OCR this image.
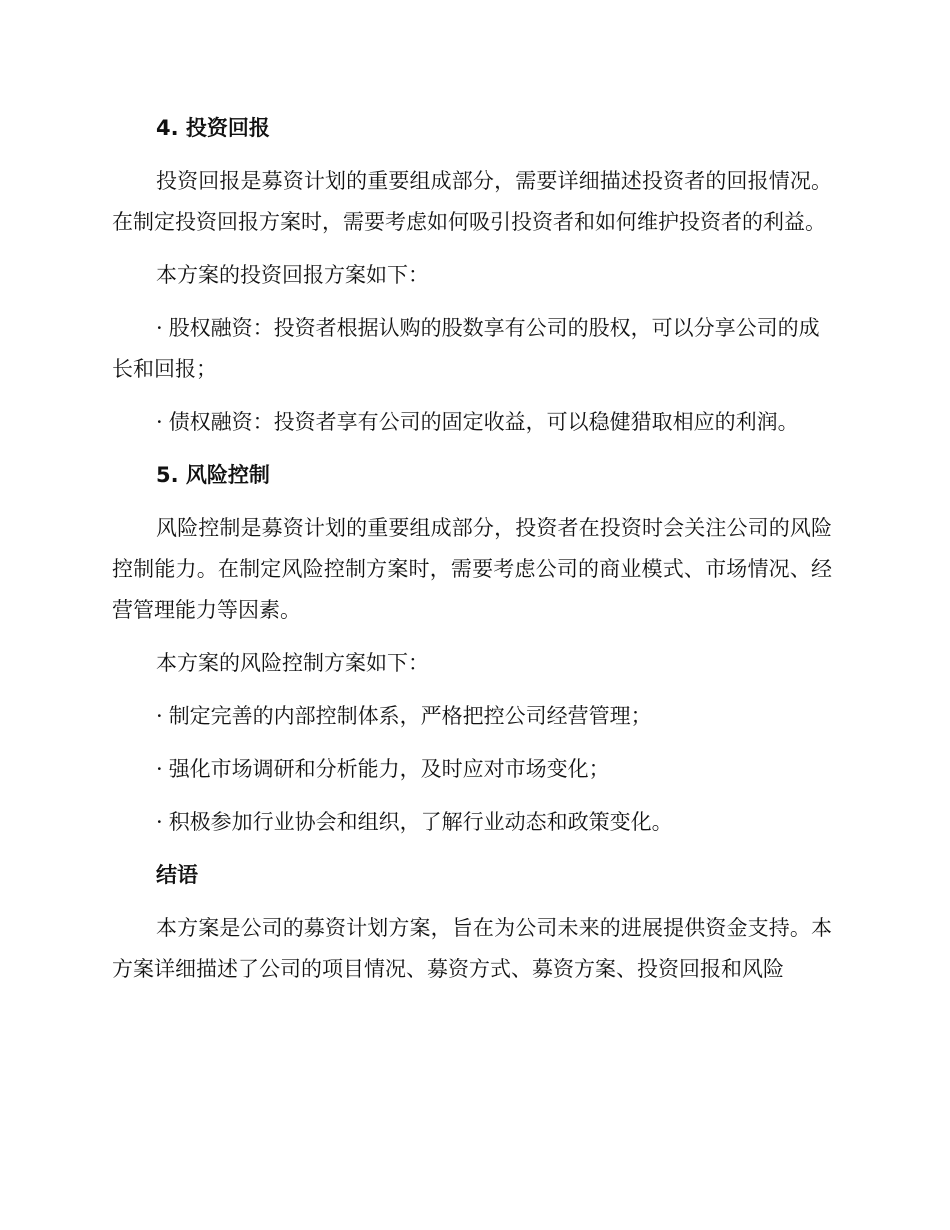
4. 投资回报

投资回报是募资计划的重要组成部分，需要详细描述投资者的回报情况。在制定投资回报方案时，需要考虑如何吸引投资者和如何维护投资者的利益。

本方案的投资回报方案如下：

· 股权融资：投资者根据认购的股数享有公司的股权，可以分享公司的成长和回报；

· 债权融资：投资者享有公司的固定收益，可以稳健猎取相应的利润。

5. 风险控制

风险控制是募资计划的重要组成部分，投资者在投资时会关注公司的风险控制能力。在制定风险控制方案时，需要考虑公司的商业模式、市场情况、经营管理能力等因素。

本方案的风险控制方案如下：

· 制定完善的内部控制体系，严格把控公司经营管理；

· 强化市场调研和分析能力，及时应对市场变化；

· 积极参加行业协会和组织，了解行业动态和政策变化。

结语

本方案是公司的募资计划方案，旨在为公司未来的进展提供资金支持。本方案详细描述了公司的项目情况、募资方式、募资方案、投资回报和风险
